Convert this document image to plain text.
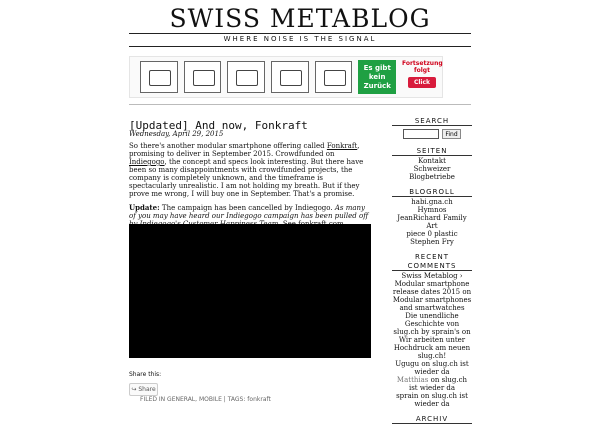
SWISS METABLOG
WHERE NOISE IS THE SIGNAL
Es gibt kein Zurück
Fortsetzung folgt
Click
[Updated] And now, Fonkraft
Wednesday, April 29, 2015

So there's another modular smartphone offering called Fonkraft, promising to deliver in September 2015. Crowdfunded on Indiegogo, the concept and specs look interesting. But there have been so many disappointments with crowdfunded projects, the company is completely unknown, and the timeframe is spectacularly unrealistic. I am not holding my breath. But if they prove me wrong, I will buy one in September. That's a promise.

Update: The campaign has been cancelled by Indiegogo. As many of you may have heard our Indiegogo campaign has been pulled off

Share this:
↪ Share
FILED IN GENERAL, MOBILE | TAGS: fonkraft
SEARCH
Find
SEITEN
Kontakt
Schweizer Blogbetriebe
BLOGROLL
habi.gna.ch
Hymnos
JeanRichard Family Art
piece 0 plastic
Stephen Fry
RECENT
COMMENTS
Swiss Metablog › Modular smartphone release dates 2015 on Modular smartphones and smartwatches
Die unendliche Geschichte von slug.ch by sprain's on Wir arbeiten unter Hochdruck am neuen slug.ch!
Ugugu on slug.ch ist wieder da
Matthias on slug.ch ist wieder da
sprain on slug.ch ist wieder da
ARCHIV
